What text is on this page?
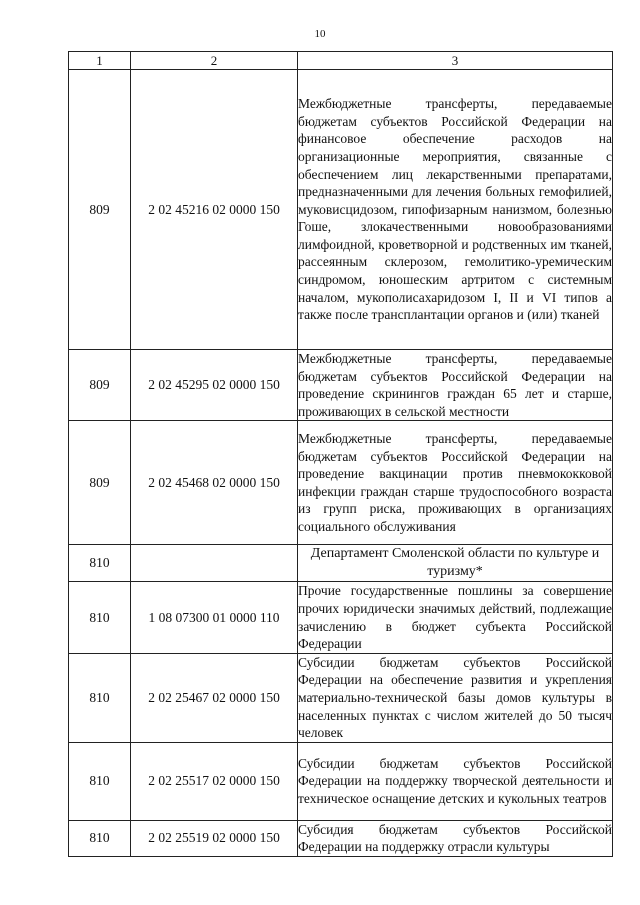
10
1	2	3
809	2 02 45216 02 0000 150	Межбюджетные трансферты, передаваемые бюджетам субъектов Российской Федерации на финансовое обеспечение расходов на организационные мероприятия, связанные с обеспечением лиц лекарственными препаратами, предназначенными для лечения больных гемофилией, муковисцидозом, гипофизарным нанизмом, болезнью Гоше, злокачественными новообразованиями лимфоидной, кроветворной и родственных им тканей, рассеянным склерозом, гемолитико-уремическим синдромом, юношеским артритом с системным началом, мукополисахаридозом I, II и VI типов а также после трансплантации органов и (или) тканей
809	2 02 45295 02 0000 150	Межбюджетные трансферты, передаваемые бюджетам субъектов Российской Федерации на проведение скринингов граждан 65 лет и старше, проживающих в сельской местности
809	2 02 45468 02 0000 150	Межбюджетные трансферты, передаваемые бюджетам субъектов Российской Федерации на проведение вакцинации против пневмококковой инфекции граждан старше трудоспособного возраста из групп риска, проживающих в организациях социального обслуживания
810		Департамент Смоленской области по культуре и туризму*
810	1 08 07300 01 0000 110	Прочие государственные пошлины за совершение прочих юридически значимых действий, подлежащие зачислению в бюджет субъекта Российской Федерации
810	2 02 25467 02 0000 150	Субсидии бюджетам субъектов Российской Федерации на обеспечение развития и укрепления материально-технической базы домов культуры в населенных пунктах с числом жителей до 50 тысяч человек
810	2 02 25517 02 0000 150	Субсидии бюджетам субъектов Российской Федерации на поддержку творческой деятельности и техническое оснащение детских и кукольных театров
810	2 02 25519 02 0000 150	Субсидия бюджетам субъектов Российской Федерации на поддержку отрасли культуры
